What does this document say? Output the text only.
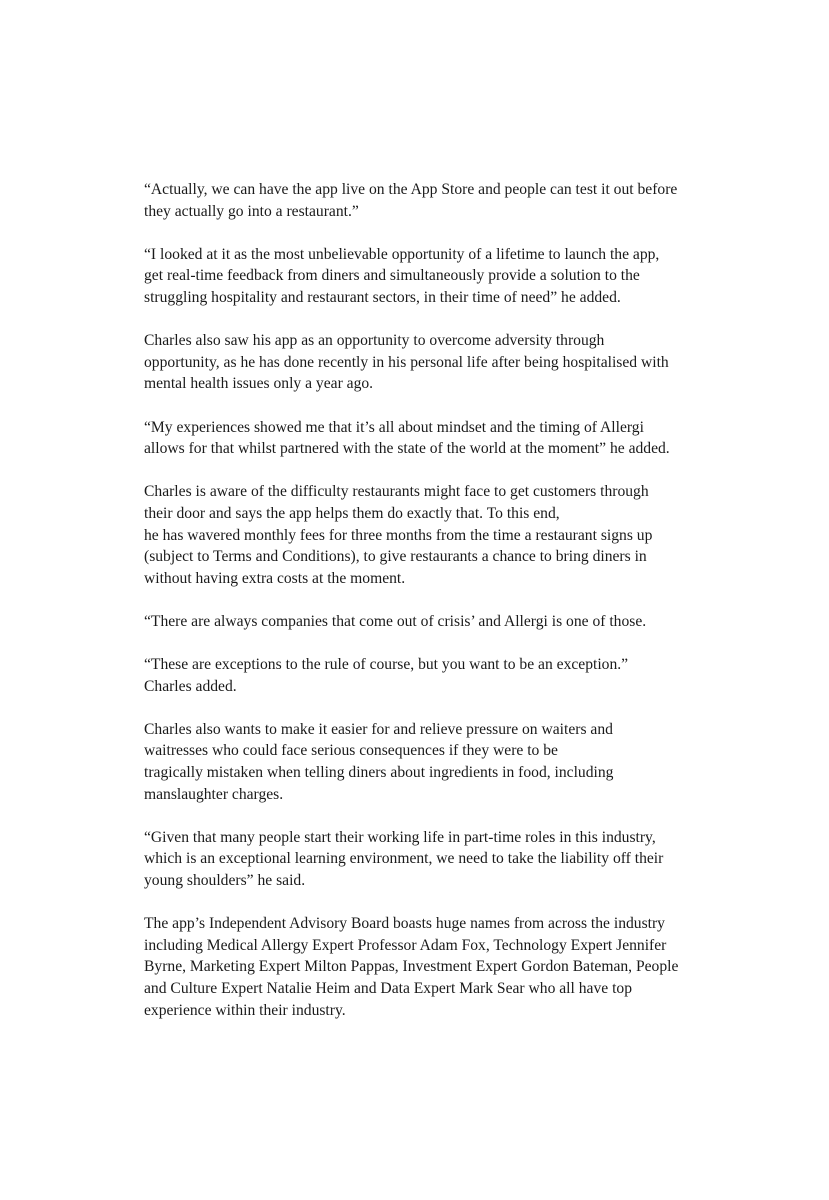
“Actually, we can have the app live on the App Store and people can test it out before
they actually go into a restaurant.”

“I looked at it as the most unbelievable opportunity of a lifetime to launch the app,
get real-time feedback from diners and simultaneously provide a solution to the
struggling hospitality and restaurant sectors, in their time of need” he added.

Charles also saw his app as an opportunity to overcome adversity through
opportunity, as he has done recently in his personal life after being hospitalised with
mental health issues only a year ago.

“My experiences showed me that it’s all about mindset and the timing of Allergi
allows for that whilst partnered with the state of the world at the moment” he added.

Charles is aware of the difficulty restaurants might face to get customers through
their door and says the app helps them do exactly that. To this end,
he has wavered monthly fees for three months from the time a restaurant signs up
(subject to Terms and Conditions), to give restaurants a chance to bring diners in
without having extra costs at the moment.

“There are always companies that come out of crisis’ and Allergi is one of those.

“These are exceptions to the rule of course, but you want to be an exception.”
Charles added.

Charles also wants to make it easier for and relieve pressure on waiters and
waitresses who could face serious consequences if they were to be
tragically mistaken when telling diners about ingredients in food, including
manslaughter charges.

“Given that many people start their working life in part-time roles in this industry,
which is an exceptional learning environment, we need to take the liability off their
young shoulders” he said.

The app’s Independent Advisory Board boasts huge names from across the industry
including Medical Allergy Expert Professor Adam Fox, Technology Expert Jennifer
Byrne, Marketing Expert Milton Pappas, Investment Expert Gordon Bateman, People
and Culture Expert Natalie Heim and Data Expert Mark Sear who all have top
experience within their industry.
